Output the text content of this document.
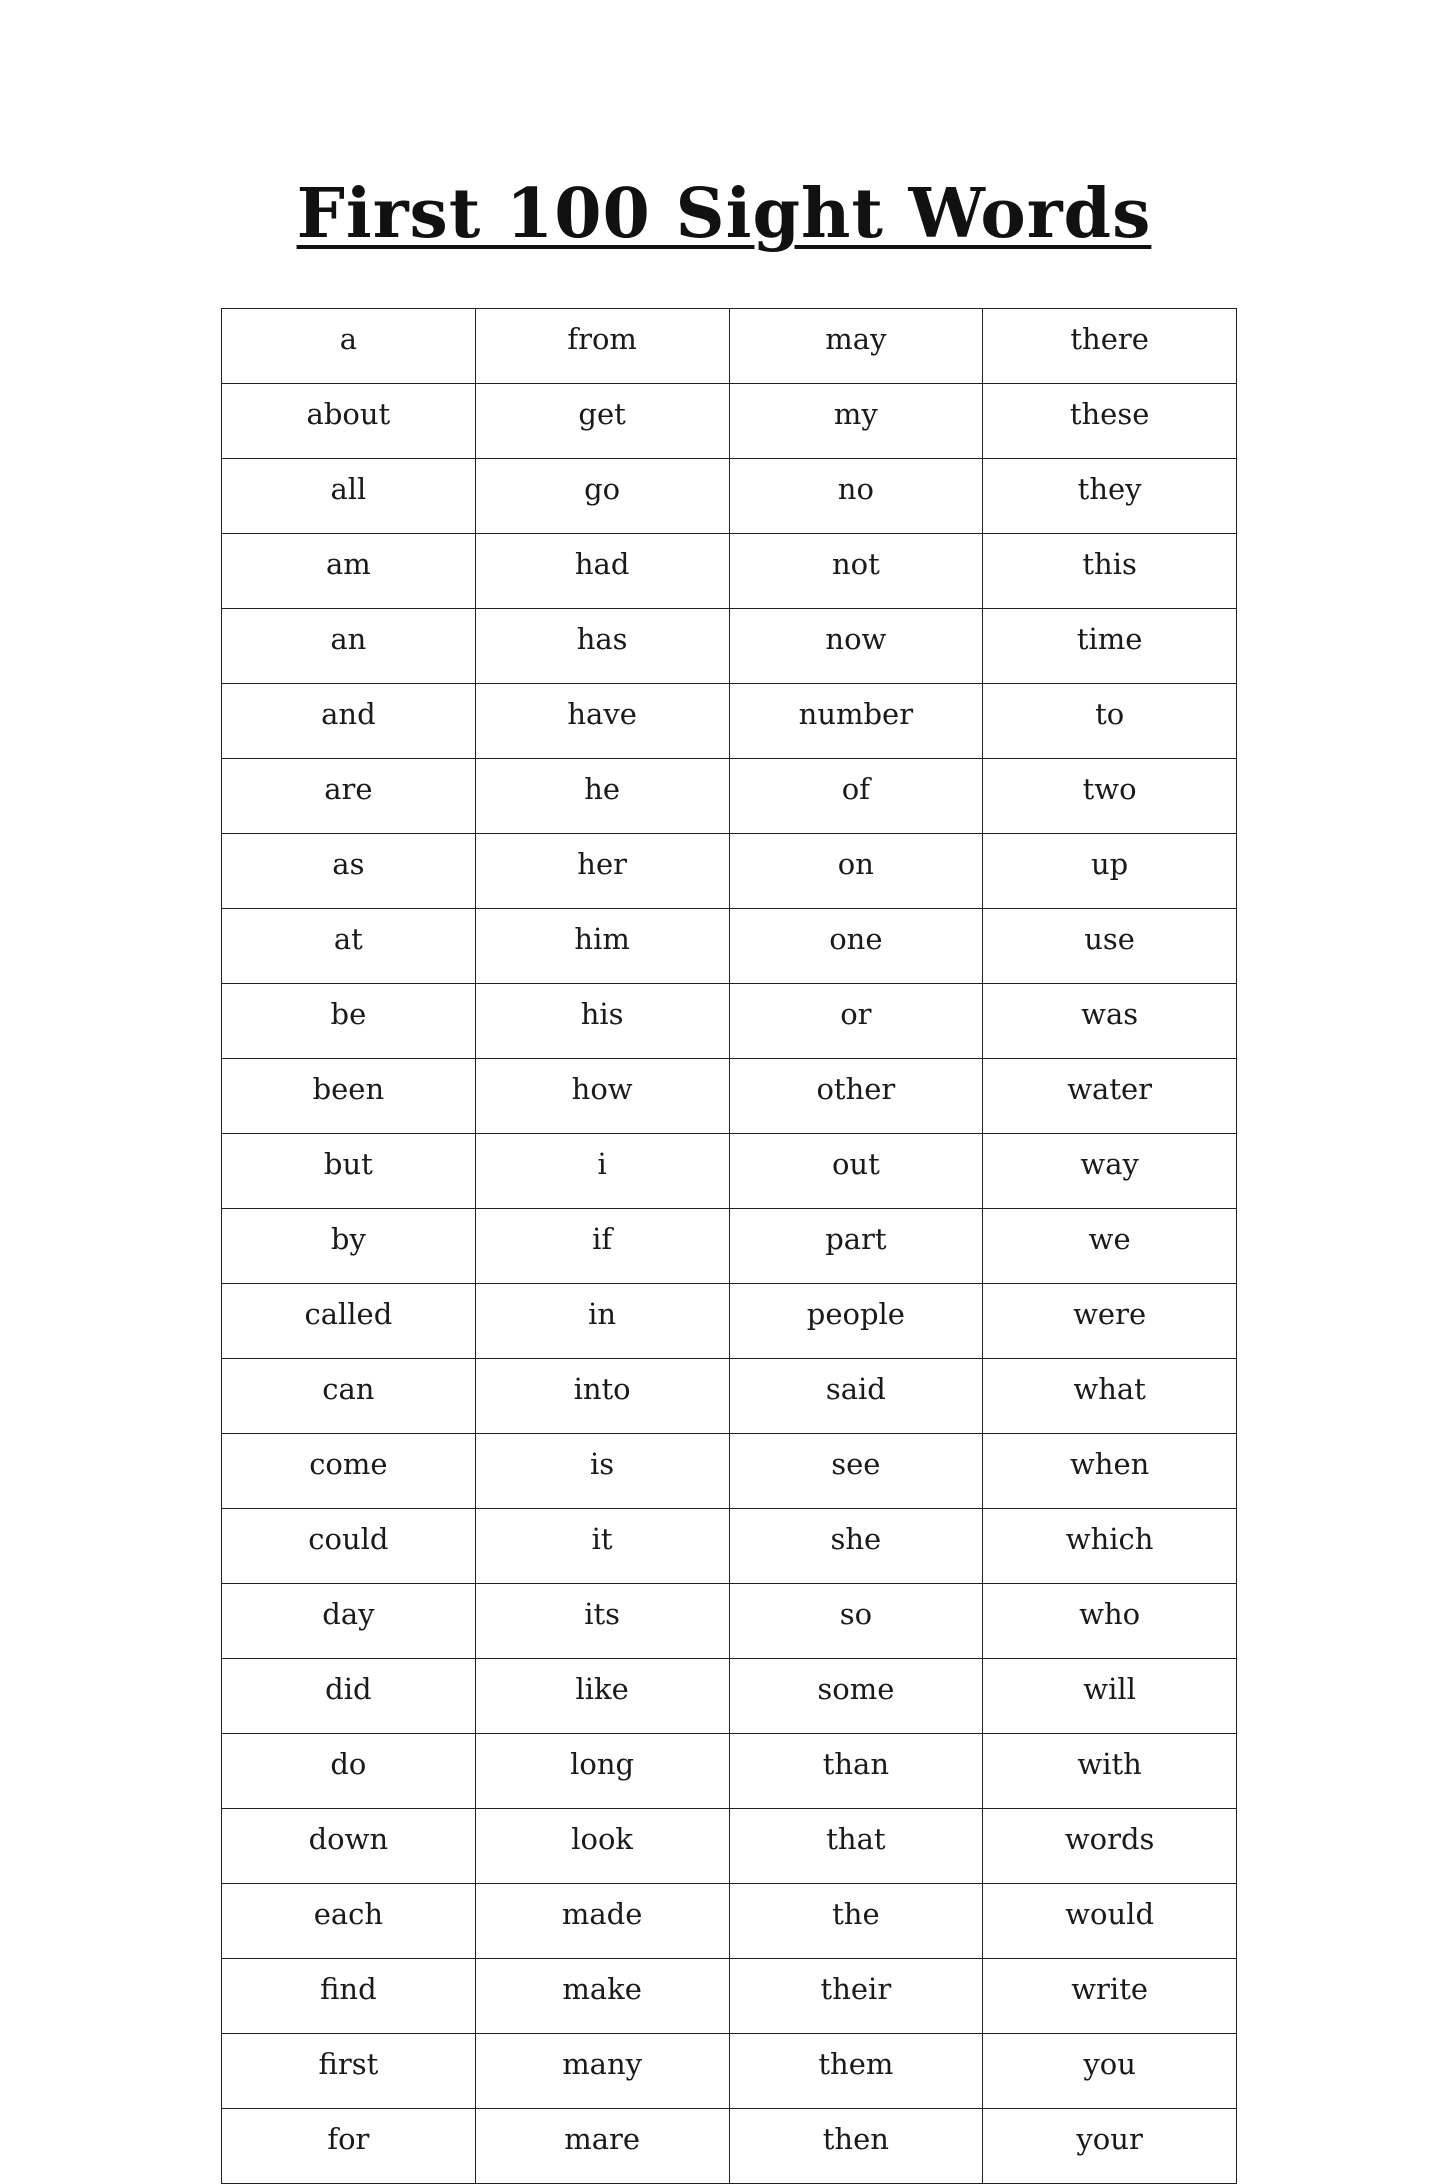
First 100 Sight Words
a	from	may	there
about	get	my	these
all	go	no	they
am	had	not	this
an	has	now	time
and	have	number	to
are	he	of	two
as	her	on	up
at	him	one	use
be	his	or	was
been	how	other	water
but	i	out	way
by	if	part	we
called	in	people	were
can	into	said	what
come	is	see	when
could	it	she	which
day	its	so	who
did	like	some	will
do	long	than	with
down	look	that	words
each	made	the	would
find	make	their	write
first	many	them	you
for	mare	then	your
